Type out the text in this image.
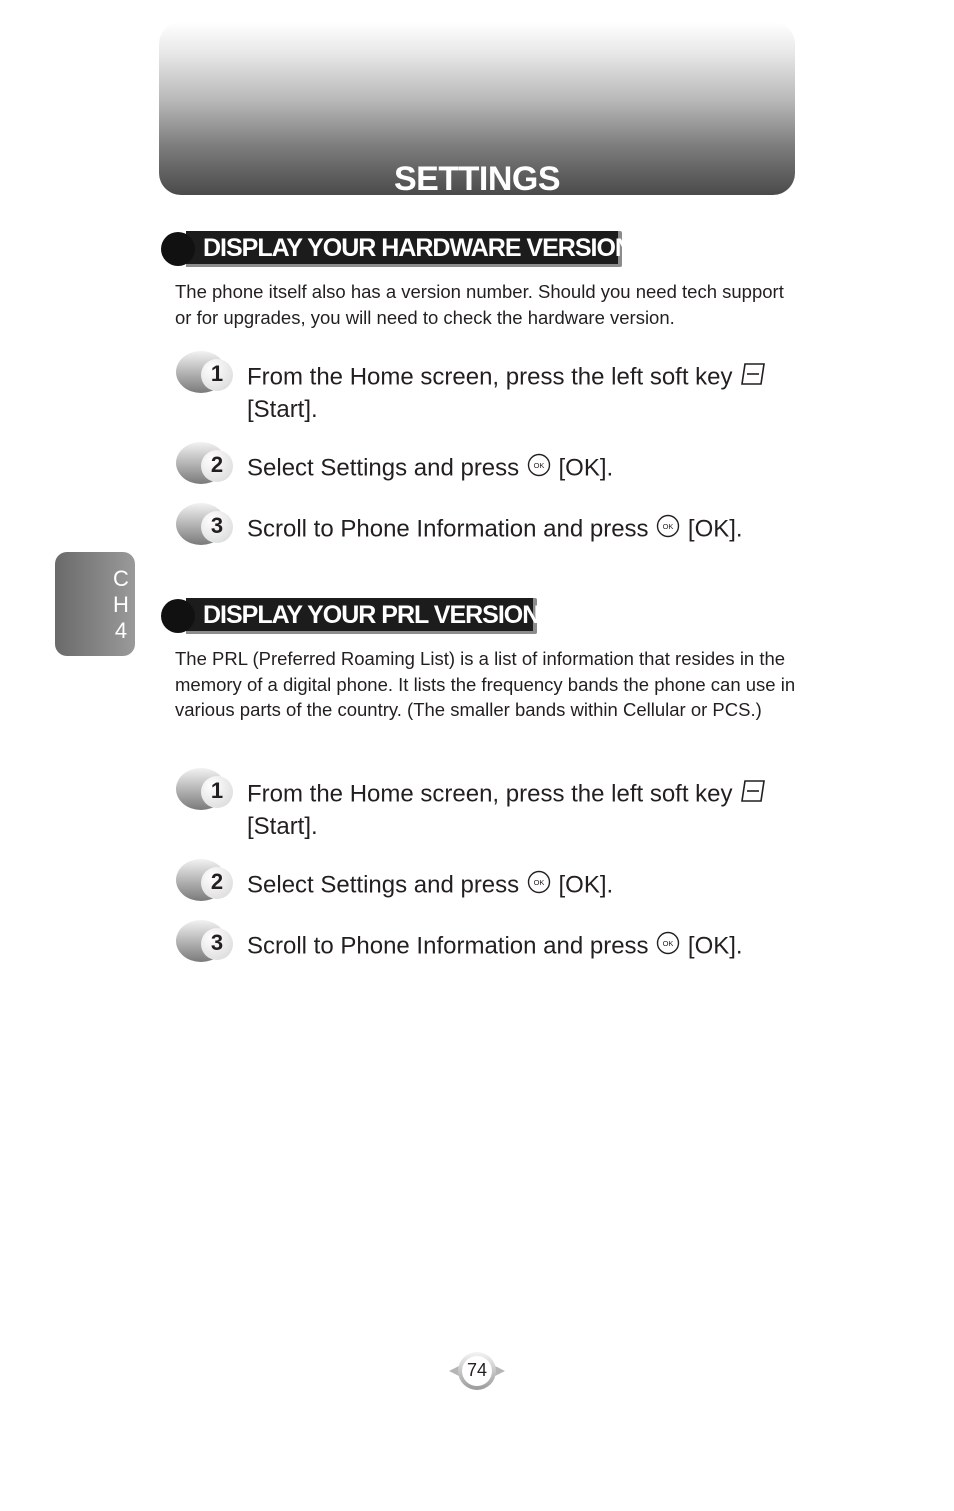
SETTINGS
C
H
4
DISPLAY YOUR HARDWARE VERSION

The phone itself also has a version number. Should you need tech support or for upgrades, you will need to check the hardware version.

1 From the Home screen, press the left soft key
[Start].
2 Select Settings and press OK [OK].
3 Scroll to Phone Information and press OK [OK].
DISPLAY YOUR PRL VERSION

The PRL (Preferred Roaming List) is a list of information that resides in the memory of a digital phone. It lists the frequency bands the phone can use in various parts of the country. (The smaller bands within Cellular or PCS.)

1 From the Home screen, press the left soft key
[Start].
2 Select Settings and press OK [OK].
3 Scroll to Phone Information and press OK [OK].
74
